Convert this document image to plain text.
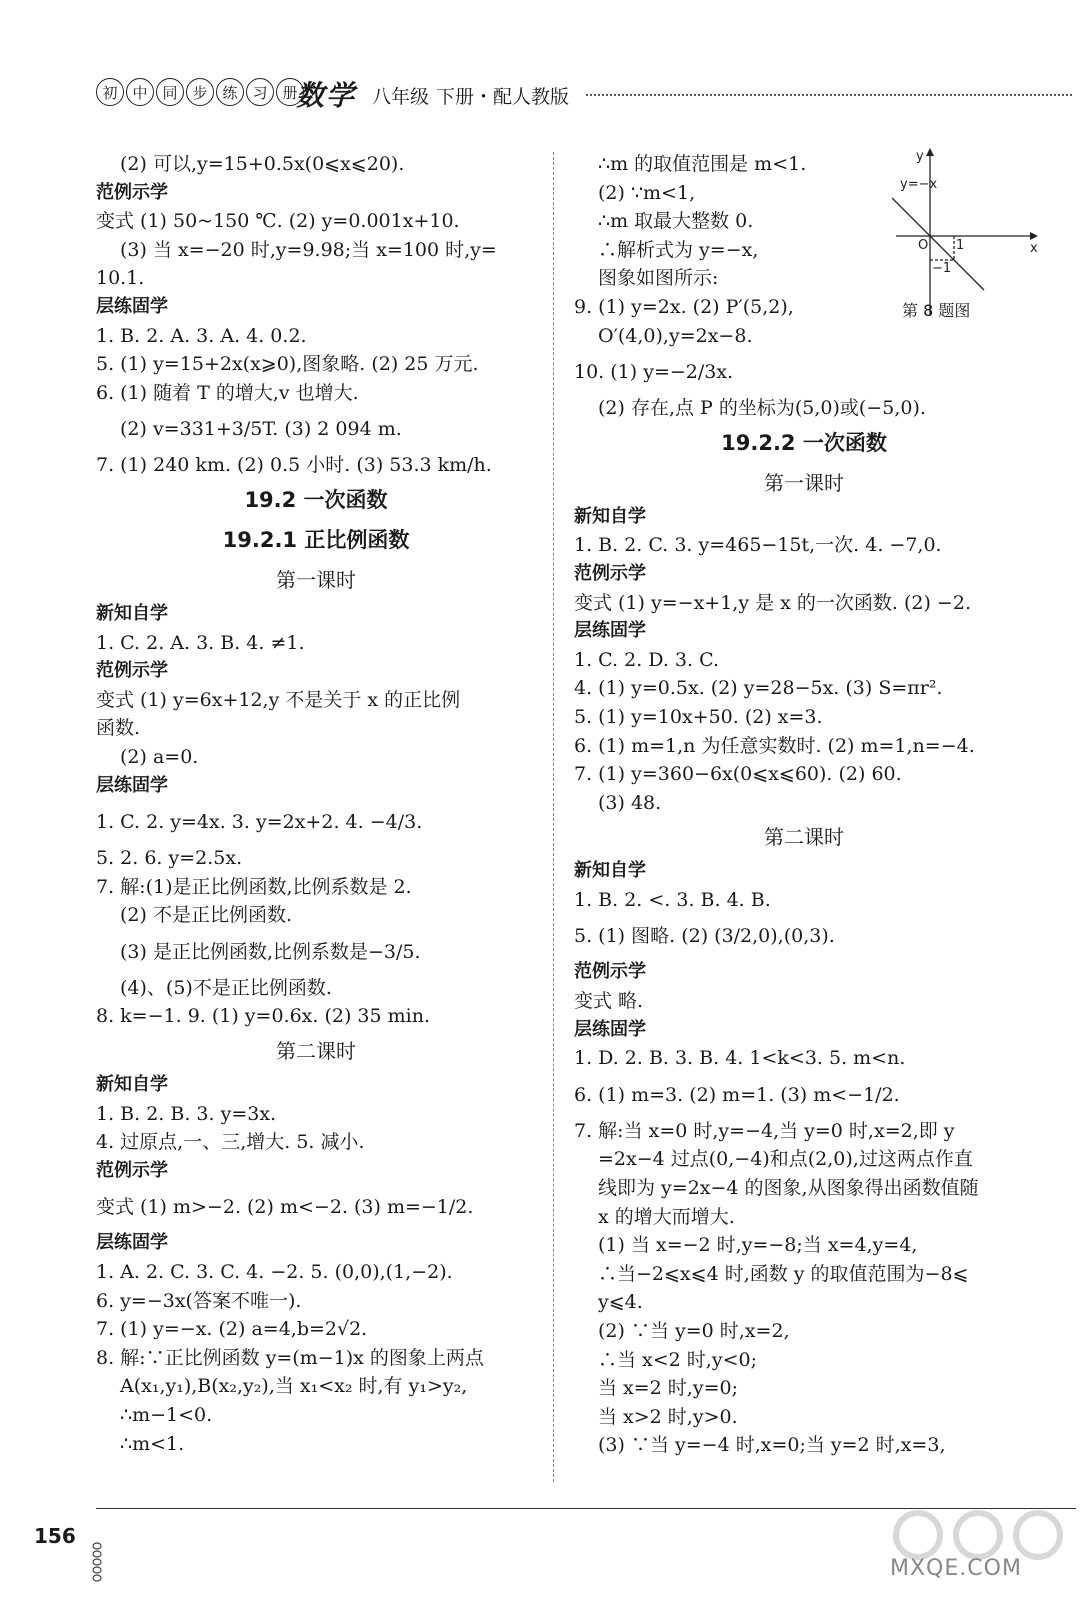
初 中 同 步 练 习 册
数学 八年级 下册・配人教版
(2) 可以,y=15+0.5x(0⩽x⩽20).
范例示学
变式 (1) 50~150 ℃. (2) y=0.001x+10.
(3) 当 x=−20 时,y=9.98;当 x=100 时,y=
10.1.
层练固学
1. B. 2. A. 3. A. 4. 0.2.
5. (1) y=15+2x(x⩾0),图象略. (2) 25 万元.
6. (1) 随着 T 的增大,v 也增大.
(2) v=331+3/5T. (3) 2 094 m.
7. (1) 240 km. (2) 0.5 小时. (3) 53.3 km/h.
19.2 一次函数
19.2.1 正比例函数
第一课时
新知自学
1. C. 2. A. 3. B. 4. ≠1.
范例示学
变式 (1) y=6x+12,y 不是关于 x 的正比例
函数.
(2) a=0.
层练固学
1. C. 2. y=4x. 3. y=2x+2. 4. −4/3.
5. 2. 6. y=2.5x.
7. 解:(1)是正比例函数,比例系数是 2.
(2) 不是正比例函数.
(3) 是正比例函数,比例系数是−3/5.
(4)、(5)不是正比例函数.
8. k=−1. 9. (1) y=0.6x. (2) 35 min.
第二课时
新知自学
1. B. 2. B. 3. y=3x.
4. 过原点,一、三,增大. 5. 减小.
范例示学
变式 (1) m>−2. (2) m<−2. (3) m=−1/2.
层练固学
1. A. 2. C. 3. C. 4. −2. 5. (0,0),(1,−2).
6. y=−3x(答案不唯一).
7. (1) y=−x. (2) a=4,b=2√2.
8. 解:∵正比例函数 y=(m−1)x 的图象上两点
A(x₁,y₁),B(x₂,y₂),当 x₁<x₂ 时,有 y₁>y₂,
∴m−1<0.
∴m<1.
∴m 的取值范围是 m<1.
(2) ∵m<1,
∴m 取最大整数 0.
∴解析式为 y=−x,
图象如图所示:
9. (1) y=2x. (2) P′(5,2),
O′(4,0),y=2x−8.
10. (1) y=−2/3x.
(2) 存在,点 P 的坐标为(5,0)或(−5,0).
19.2.2 一次函数
第一课时
新知自学
1. B. 2. C. 3. y=465−15t,一次. 4. −7,0.
范例示学
变式 (1) y=−x+1,y 是 x 的一次函数. (2) −2.
层练固学
1. C. 2. D. 3. C.
4. (1) y=0.5x. (2) y=28−5x. (3) S=πr².
5. (1) y=10x+50. (2) x=3.
6. (1) m=1,n 为任意实数时. (2) m=1,n=−4.
7. (1) y=360−6x(0⩽x⩽60). (2) 60.
(3) 48.
第二课时
新知自学
1. B. 2. <. 3. B. 4. B.
5. (1) 图略. (2) (3/2,0),(0,3).
范例示学
变式 略.
层练固学
1. D. 2. B. 3. B. 4. 1<k<3. 5. m<n.
6. (1) m=3. (2) m=1. (3) m<−1/2.
7. 解:当 x=0 时,y=−4,当 y=0 时,x=2,即 y
=2x−4 过点(0,−4)和点(2,0),过这两点作直
线即为 y=2x−4 的图象,从图象得出函数值随
x 的增大而增大.
(1) 当 x=−2 时,y=−8;当 x=4,y=4,
∴当−2⩽x⩽4 时,函数 y 的取值范围为−8⩽
y⩽4.
(2) ∵当 y=0 时,x=2,
∴当 x<2 时,y<0;
当 x=2 时,y=0;
当 x>2 时,y>0.
(3) ∵当 y=−4 时,x=0;当 y=2 时,x=3,
y
x
O
y=−x
1
−1
第 8 题图
156
MXQE.COM
